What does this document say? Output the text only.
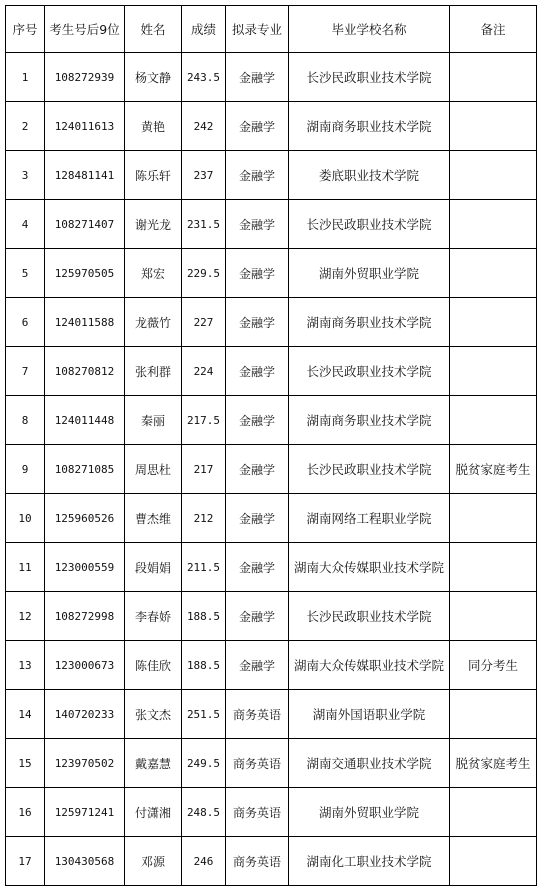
序号	考生号后9位	姓名	成绩	拟录专业	毕业学校名称	备注
1	108272939	杨文静	243.5	金融学	长沙民政职业技术学院	
2	124011613	黄艳	242	金融学	湖南商务职业技术学院	
3	128481141	陈乐轩	237	金融学	娄底职业技术学院	
4	108271407	谢光龙	231.5	金融学	长沙民政职业技术学院	
5	125970505	郑宏	229.5	金融学	湖南外贸职业学院	
6	124011588	龙薇竹	227	金融学	湖南商务职业技术学院	
7	108270812	张利群	224	金融学	长沙民政职业技术学院	
8	124011448	秦丽	217.5	金融学	湖南商务职业技术学院	
9	108271085	周思杜	217	金融学	长沙民政职业技术学院	脱贫家庭考生
10	125960526	曹杰维	212	金融学	湖南网络工程职业学院	
11	123000559	段娟娟	211.5	金融学	湖南大众传媒职业技术学院	
12	108272998	李春娇	188.5	金融学	长沙民政职业技术学院	
13	123000673	陈佳欣	188.5	金融学	湖南大众传媒职业技术学院	同分考生
14	140720233	张文杰	251.5	商务英语	湖南外国语职业学院	
15	123970502	戴嘉慧	249.5	商务英语	湖南交通职业技术学院	脱贫家庭考生
16	125971241	付潇湘	248.5	商务英语	湖南外贸职业学院	
17	130430568	邓源	246	商务英语	湖南化工职业技术学院	
